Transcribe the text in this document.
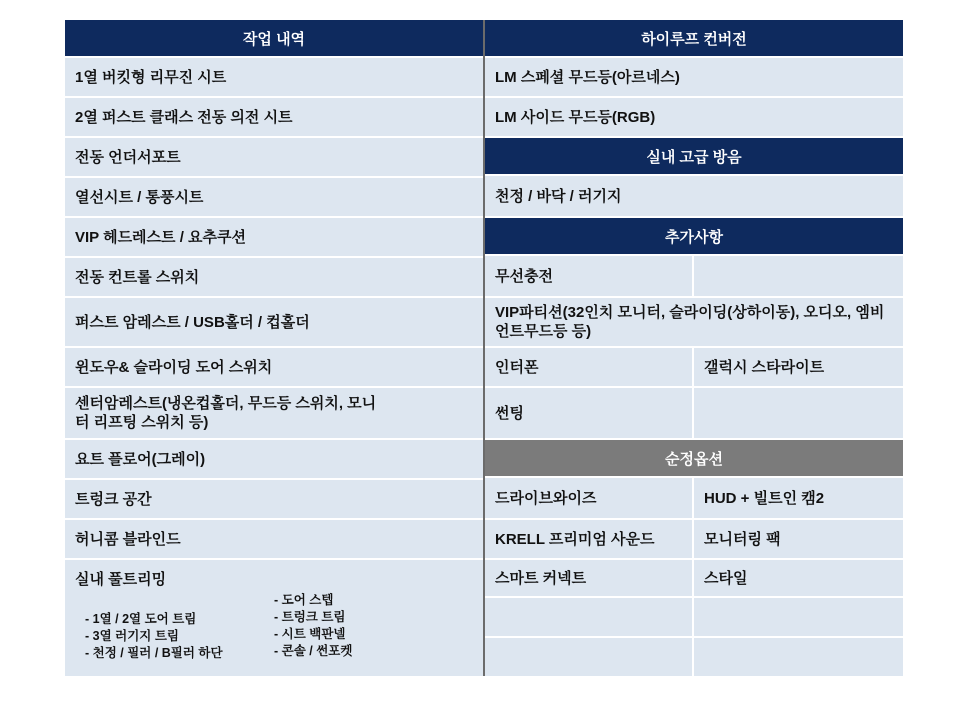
작업 내역
1열 버킷형 리무진 시트
2열 퍼스트 클래스 전동 의전 시트
전동 언더서포트
열선시트 / 통풍시트
VIP 헤드레스트 / 요추쿠션
전동 컨트롤 스위치
퍼스트 암레스트 / USB홀더 / 컵홀더
윈도우& 슬라이딩 도어 스위치
센터암레스트(냉온컵홀더, 무드등 스위치, 모니터 리프팅 스위치 등)
요트 플로어(그레이)
트렁크 공간
허니콤 블라인드
실내 풀트리밍
- 1열 / 2열 도어 트림
- 3열 러기지 트림
- 천정 / 필러 / B필러 하단
- 도어 스텝
- 트렁크 트림
- 시트 백판넬
- 콘솔 / 썬포켓
하이루프 컨버전
LM 스페셜 무드등(아르네스)
LM 사이드 무드등(RGB)
실내 고급 방음
천정 / 바닥 / 러기지
추가사항
무선충전
VIP파티션(32인치 모니터, 슬라이딩(상하이동), 오디오, 엠비언트무드등 등)
인터폰	갤럭시 스타라이트
썬팅
순정옵션
드라이브와이즈	HUD + 빌트인 캠2
KRELL 프리미엄 사운드	모니터링 팩
스마트 커넥트	스타일
